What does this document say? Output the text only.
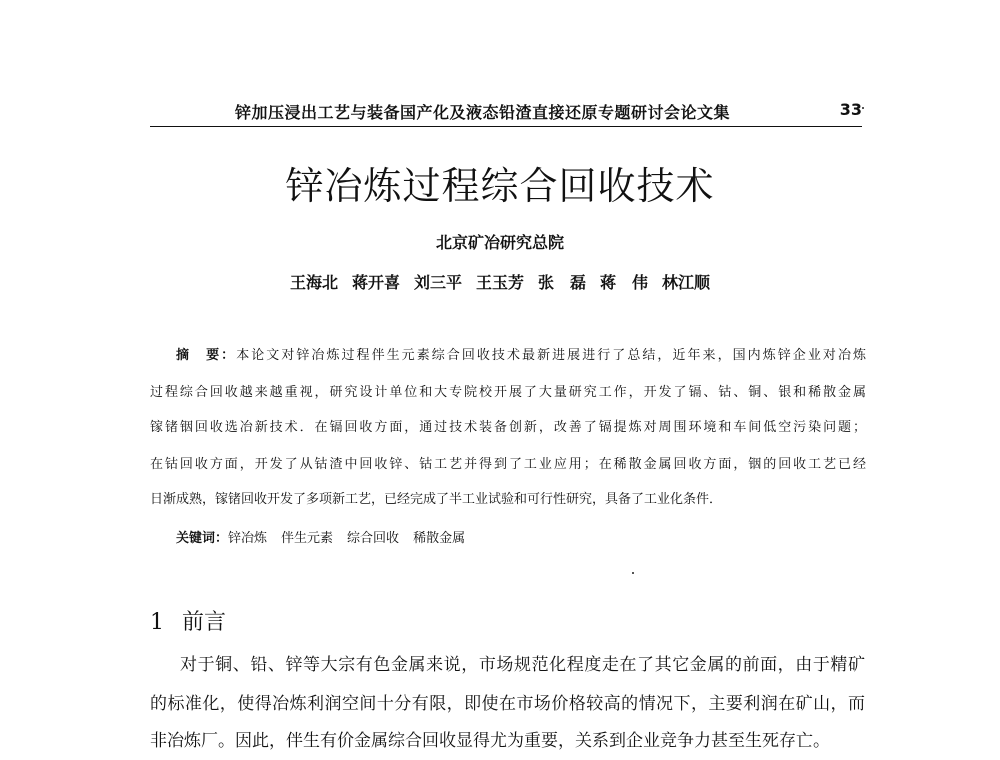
锌加压浸出工艺与装备国产化及液态铅渣直接还原专题研讨会论文集	33
锌冶炼过程综合回收技术
北京矿冶研究总院
王海北 蒋开喜 刘三平 王玉芳 张　磊 蒋　伟 林江顺
摘　要：本论文对锌冶炼过程伴生元素综合回收技术最新进展进行了总结，近年来，国内炼锌企业对冶炼
过程综合回收越来越重视，研究设计单位和大专院校开展了大量研究工作，开发了镉、钴、铜、银和稀散金属
镓锗铟回收选冶新技术．在镉回收方面，通过技术装备创新，改善了镉提炼对周围环境和车间低空污染问题；
在钴回收方面，开发了从钴渣中回收锌、钴工艺并得到了工业应用；在稀散金属回收方面，铟的回收工艺已经
日渐成熟，镓锗回收开发了多项新工艺，已经完成了半工业试验和可行性研究，具备了工业化条件．
关键词：锌冶炼 伴生元素 综合回收 稀散金属
1 前言
对于铜、铅、锌等大宗有色金属来说，市场规范化程度走在了其它金属的前面，由于精矿
的标准化，使得冶炼利润空间十分有限，即使在市场价格较高的情况下，主要利润在矿山，而
非冶炼厂。因此，伴生有价金属综合回收显得尤为重要，关系到企业竞争力甚至生死存亡。
